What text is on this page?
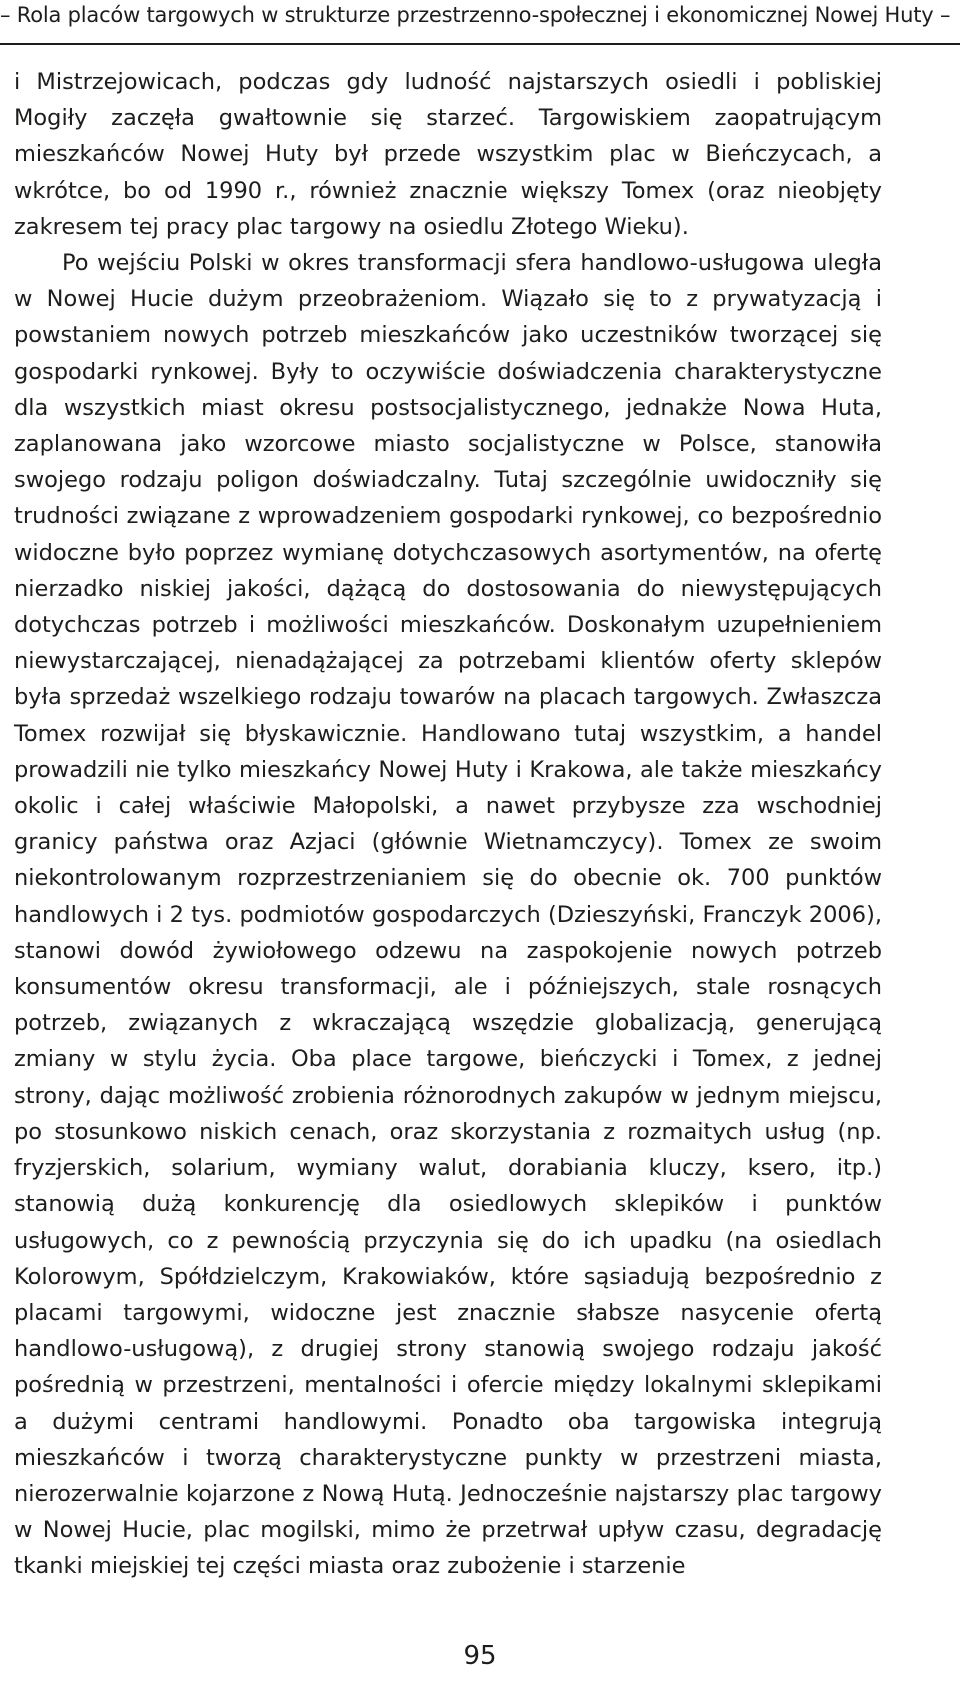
– Rola placów targowych w strukturze przestrzenno-społecznej i ekonomicznej Nowej Huty –

i Mistrzejowicach, podczas gdy ludność najstarszych osiedli i pobliskiej Mogiły zaczęła gwałtownie się starzeć. Targowiskiem zaopatrującym mieszkańców Nowej Huty był przede wszystkim plac w Bieńczycach, a wkrótce, bo od 1990 r., również znacznie większy Tomex (oraz nieobjęty zakresem tej pracy plac targowy na osiedlu Złotego Wieku).

Po wejściu Polski w okres transformacji sfera handlowo-usługowa uległa w Nowej Hucie dużym przeobrażeniom. Wiązało się to z prywatyzacją i powstaniem nowych potrzeb mieszkańców jako uczestników tworzącej się gospodarki rynkowej. Były to oczywiście doświadczenia charakterystyczne dla wszystkich miast okresu postsocjalistycznego, jednakże Nowa Huta, zaplanowana jako wzorcowe miasto socjalistyczne w Polsce, stanowiła swojego rodzaju poligon doświadczalny. Tutaj szczególnie uwidoczniły się trudności związane z wprowadzeniem gospodarki rynkowej, co bezpośrednio widoczne było poprzez wymianę dotychczasowych asortymentów, na ofertę nierzadko niskiej jakości, dążącą do dostosowania do niewystępujących dotychczas potrzeb i możliwości mieszkańców. Doskonałym uzupełnieniem niewystarczającej, nienadążającej za potrzebami klientów oferty sklepów była sprzedaż wszelkiego rodzaju towarów na placach targowych. Zwłaszcza Tomex rozwijał się błyskawicznie. Handlowano tutaj wszystkim, a handel prowadzili nie tylko mieszkańcy Nowej Huty i Krakowa, ale także mieszkańcy okolic i całej właściwie Małopolski, a nawet przybysze zza wschodniej granicy państwa oraz Azjaci (głównie Wietnamczycy). Tomex ze swoim niekontrolowanym rozprzestrzenianiem się do obecnie ok. 700 punktów handlowych i 2 tys. podmiotów gospodarczych (Dzieszyński, Franczyk 2006), stanowi dowód żywiołowego odzewu na zaspokojenie nowych potrzeb konsumentów okresu transformacji, ale i późniejszych, stale rosnących potrzeb, związanych z wkraczającą wszędzie globalizacją, generującą zmiany w stylu życia. Oba place targowe, bieńczycki i Tomex, z jednej strony, dając możliwość zrobienia różnorodnych zakupów w jednym miejscu, po stosunkowo niskich cenach, oraz skorzystania z rozmaitych usług (np. fryzjerskich, solarium, wymiany walut, dorabiania kluczy, ksero, itp.) stanowią dużą konkurencję dla osiedlowych sklepików i punktów usługowych, co z pewnością przyczynia się do ich upadku (na osiedlach Kolorowym, Spółdzielczym, Krakowiaków, które sąsiadują bezpośrednio z placami targowymi, widoczne jest znacznie słabsze nasycenie ofertą handlowo-usługową), z drugiej strony stanowią swojego rodzaju jakość pośrednią w przestrzeni, mentalności i ofercie między lokalnymi sklepikami a dużymi centrami handlowymi. Ponadto oba targowiska integrują mieszkańców i tworzą charakterystyczne punkty w przestrzeni miasta, nierozerwalnie kojarzone z Nową Hutą. Jednocześnie najstarszy plac targowy w Nowej Hucie, plac mogilski, mimo że przetrwał upływ czasu, degradację tkanki miejskiej tej części miasta oraz zubożenie i starzenie

95
